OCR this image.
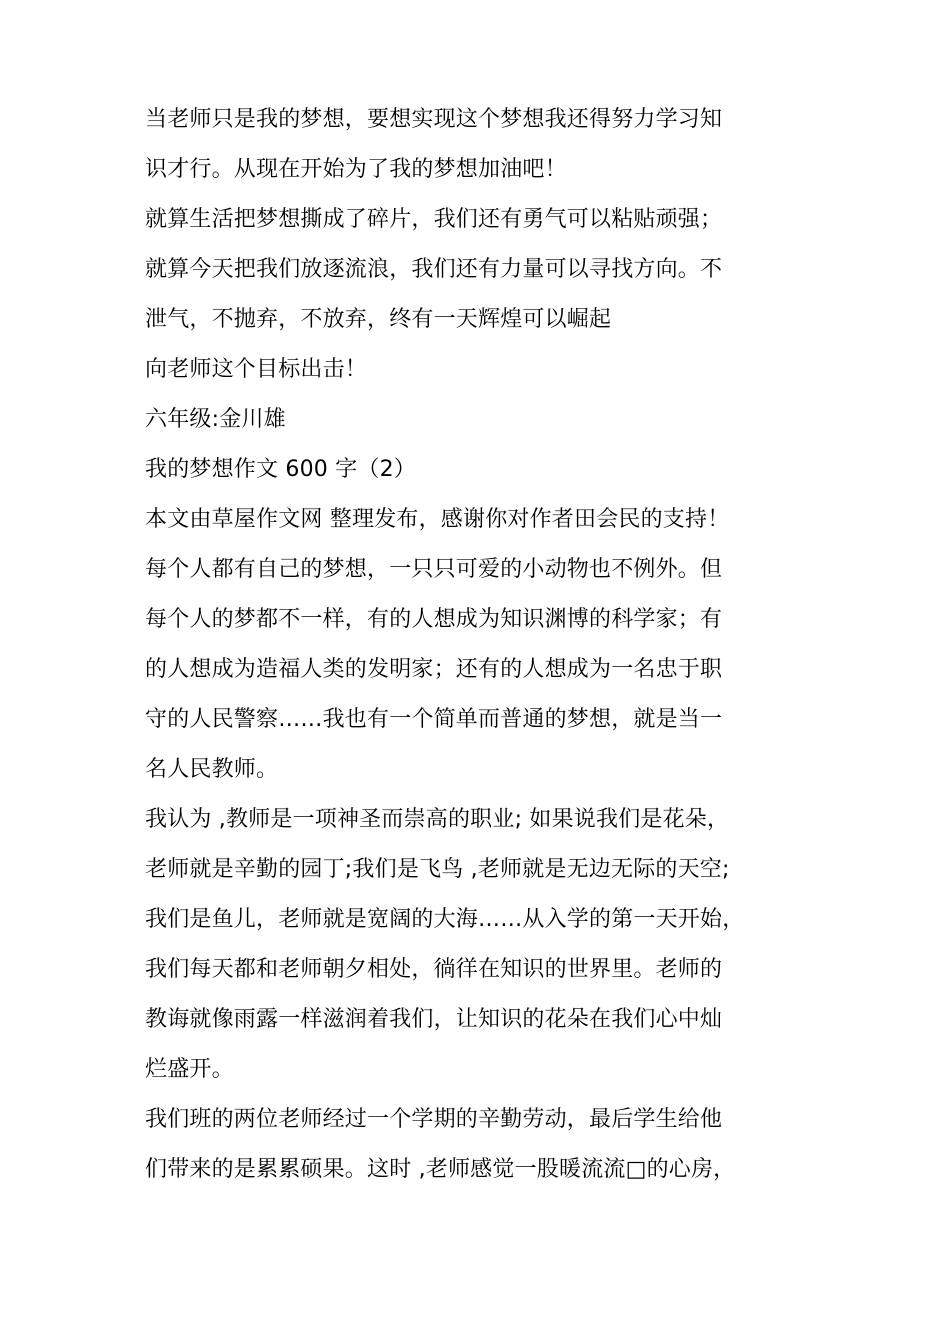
当老师只是我的梦想，要想实现这个梦想我还得努力学习知
识才行。从现在开始为了我的梦想加油吧！
就算生活把梦想撕成了碎片，我们还有勇气可以粘贴顽强；
就算今天把我们放逐流浪，我们还有力量可以寻找方向。不
泄气，不抛弃，不放弃，终有一天辉煌可以崛起
向老师这个目标出击！
六年级:金川雄
我的梦想作文 600 字（2）
本文由草屋作文网 整理发布，感谢你对作者田会民的支持！
每个人都有自己的梦想，一只只可爱的小动物也不例外。但
每个人的梦都不一样，有的人想成为知识渊博的科学家；有
的人想成为造福人类的发明家；还有的人想成为一名忠于职
守的人民警察……我也有一个简单而普通的梦想，就是当一
名人民教师。
我认为 ,教师是一项神圣而崇高的职业; 如果说我们是花朵，
老师就是辛勤的园丁;我们是飞鸟 ,老师就是无边无际的天空;
我们是鱼儿，老师就是宽阔的大海……从入学的第一天开始，
我们每天都和老师朝夕相处，徜徉在知识的世界里。老师的
教诲就像雨露一样滋润着我们，让知识的花朵在我们心中灿
烂盛开。
我们班的两位老师经过一个学期的辛勤劳动，最后学生给他
们带来的是累累硕果。这时 ,老师感觉一股暖流流□的心房，
